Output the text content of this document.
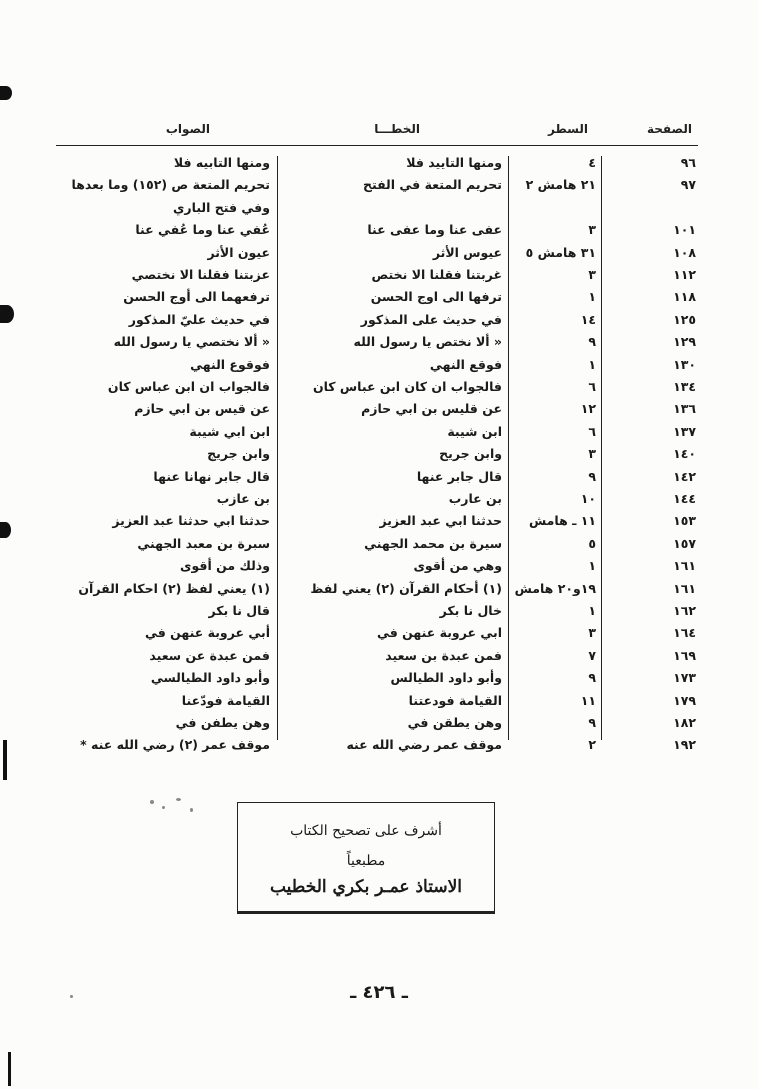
الصفحة
السطر
الخطـــا
الصواب
٩٦
٤
ومنها التاييد فلا
ومنها التابيه فلا
٩٧
٢١ هامش ٢
تحريم المتعة في الفتح
تحريم المتعة ص (١٥٢) وما بعدها
وفي فتح الباري
١٠١
٣
عفى عنا وما عفى عنا
عُفي عنا وما عُفي عنا
١٠٨
٣١ هامش ٥
عيوس الأثر
عيون الأثر
١١٢
٣
غربتنا فقلنا الا نختص
عزبتنا فقلنا الا نختصي
١١٨
١
ترفها الى اوج الحسن
ترفعهما الى أوج الحسن
١٢٥
١٤
في حديث على المذكور
في حديث عليّ المذكور
١٢٩
٩
« ألا نختص يا رسول الله
« ألا نختصي يا رسول الله
١٣٠
١
فوقع النهي
فوقوع النهي
١٣٤
٦
فالجواب ان كان ابن عباس كان
فالجواب ان ابن عباس كان
١٣٦
١٢
عن قليس بن ابي حازم
عن قيس بن ابي حازم
١٣٧
٦
ابن شيبة
ابن ابي شيبة
١٤٠
٣
وابن جريح
وابن جريج
١٤٢
٩
قال جابر عنها
قال جابر نهانا عنها
١٤٤
١٠
بن عارب
بن عازب
١٥٣
١١ ـ هامش
حدثنا ابي عبد العزيز
حدثنا ابي حدثنا عبد العزيز
١٥٧
٥
سيرة بن محمد الجهني
سبرة بن معبد الجهني
١٦١
١
وهي من أقوى
وذلك من أقوى
١٦١
١٩و٢٠ هامش
(١) أحكام القرآن (٢) يعني لفظ
(١) يعني لفظ (٢) احكام القرآن
١٦٢
١
خال نا بكر
قال نا بكر
١٦٤
٣
ابي عروبة عنهن في
أبي عروبة عنهن في
١٦٩
٧
فمن عبدة بن سعيد
فمن عبدة عن سعيد
١٧٣
٩
وأبو داود الطيالس
وأبو داود الطيالسي
١٧٩
١١
القيامة فودعتنا
القيامة فودّعنا
١٨٢
٩
وهن يطقن في
وهن يطفن في
١٩٢
٢
موقف عمر رضي الله عنه
موقف عمر (٢) رضي الله عنه *
أشرف على تصحيح الكتاب
مطبعياً
الاستاذ عمـر بكري الخطيب
ـ ٤٢٦ ـ
